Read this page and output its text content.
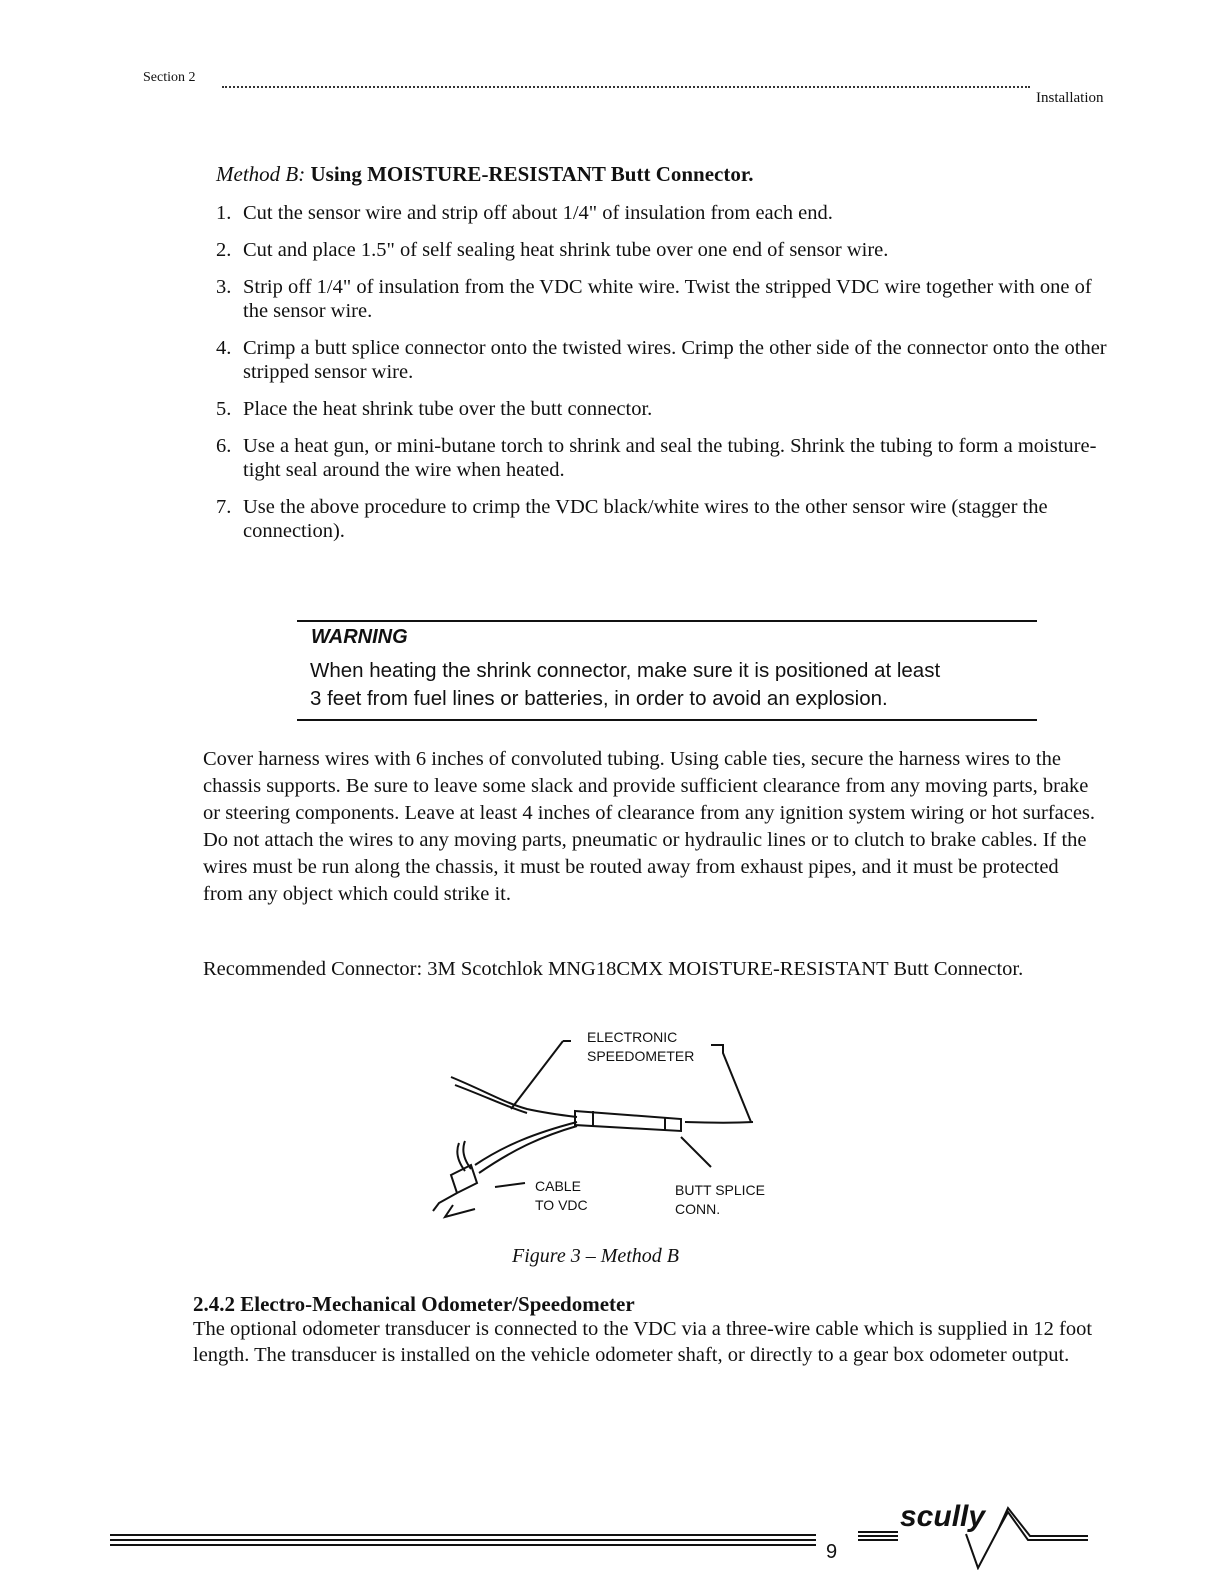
Section 2
Installation
Method B: Using MOISTURE-RESISTANT Butt Connector.
1. Cut the sensor wire and strip off about 1/4" of insulation from each end.
2. Cut and place 1.5" of self sealing heat shrink tube over one end of sensor wire.
3. Strip off 1/4" of insulation from the VDC white wire. Twist the stripped VDC wire together with one of the sensor wire.
4. Crimp a butt splice connector onto the twisted wires. Crimp the other side of the connector onto the other stripped sensor wire.
5. Place the heat shrink tube over the butt connector.
6. Use a heat gun, or mini-butane torch to shrink and seal the tubing. Shrink the tubing to form a moisture-tight seal around the wire when heated.
7. Use the above procedure to crimp the VDC black/white wires to the other sensor wire (stagger the connection).
WARNING
When heating the shrink connector, make sure it is positioned at least
3 feet from fuel lines or batteries, in order to avoid an explosion.

Cover harness wires with 6 inches of convoluted tubing. Using cable ties, secure the harness wires to the chassis supports. Be sure to leave some slack and provide sufficient clearance from any moving parts, brake or steering components. Leave at least 4 inches of clearance from any ignition system wiring or hot surfaces. Do not attach the wires to any moving parts, pneumatic or hydraulic lines or to clutch to brake cables. If the wires must be run along the chassis, it must be routed away from exhaust pipes, and it must be protected from any object which could strike it.

Recommended Connector: 3M Scotchlok MNG18CMX MOISTURE-RESISTANT Butt Connector.

ELECTRONIC
SPEEDOMETER
CABLE
TO VDC
BUTT SPLICE
CONN.
Figure 3 – Method B
2.4.2 Electro-Mechanical Odometer/Speedometer

The optional odometer transducer is connected to the VDC via a three-wire cable which is supplied in 12 foot length. The transducer is installed on the vehicle odometer shaft, or directly to a gear box odometer output.

9
scully
